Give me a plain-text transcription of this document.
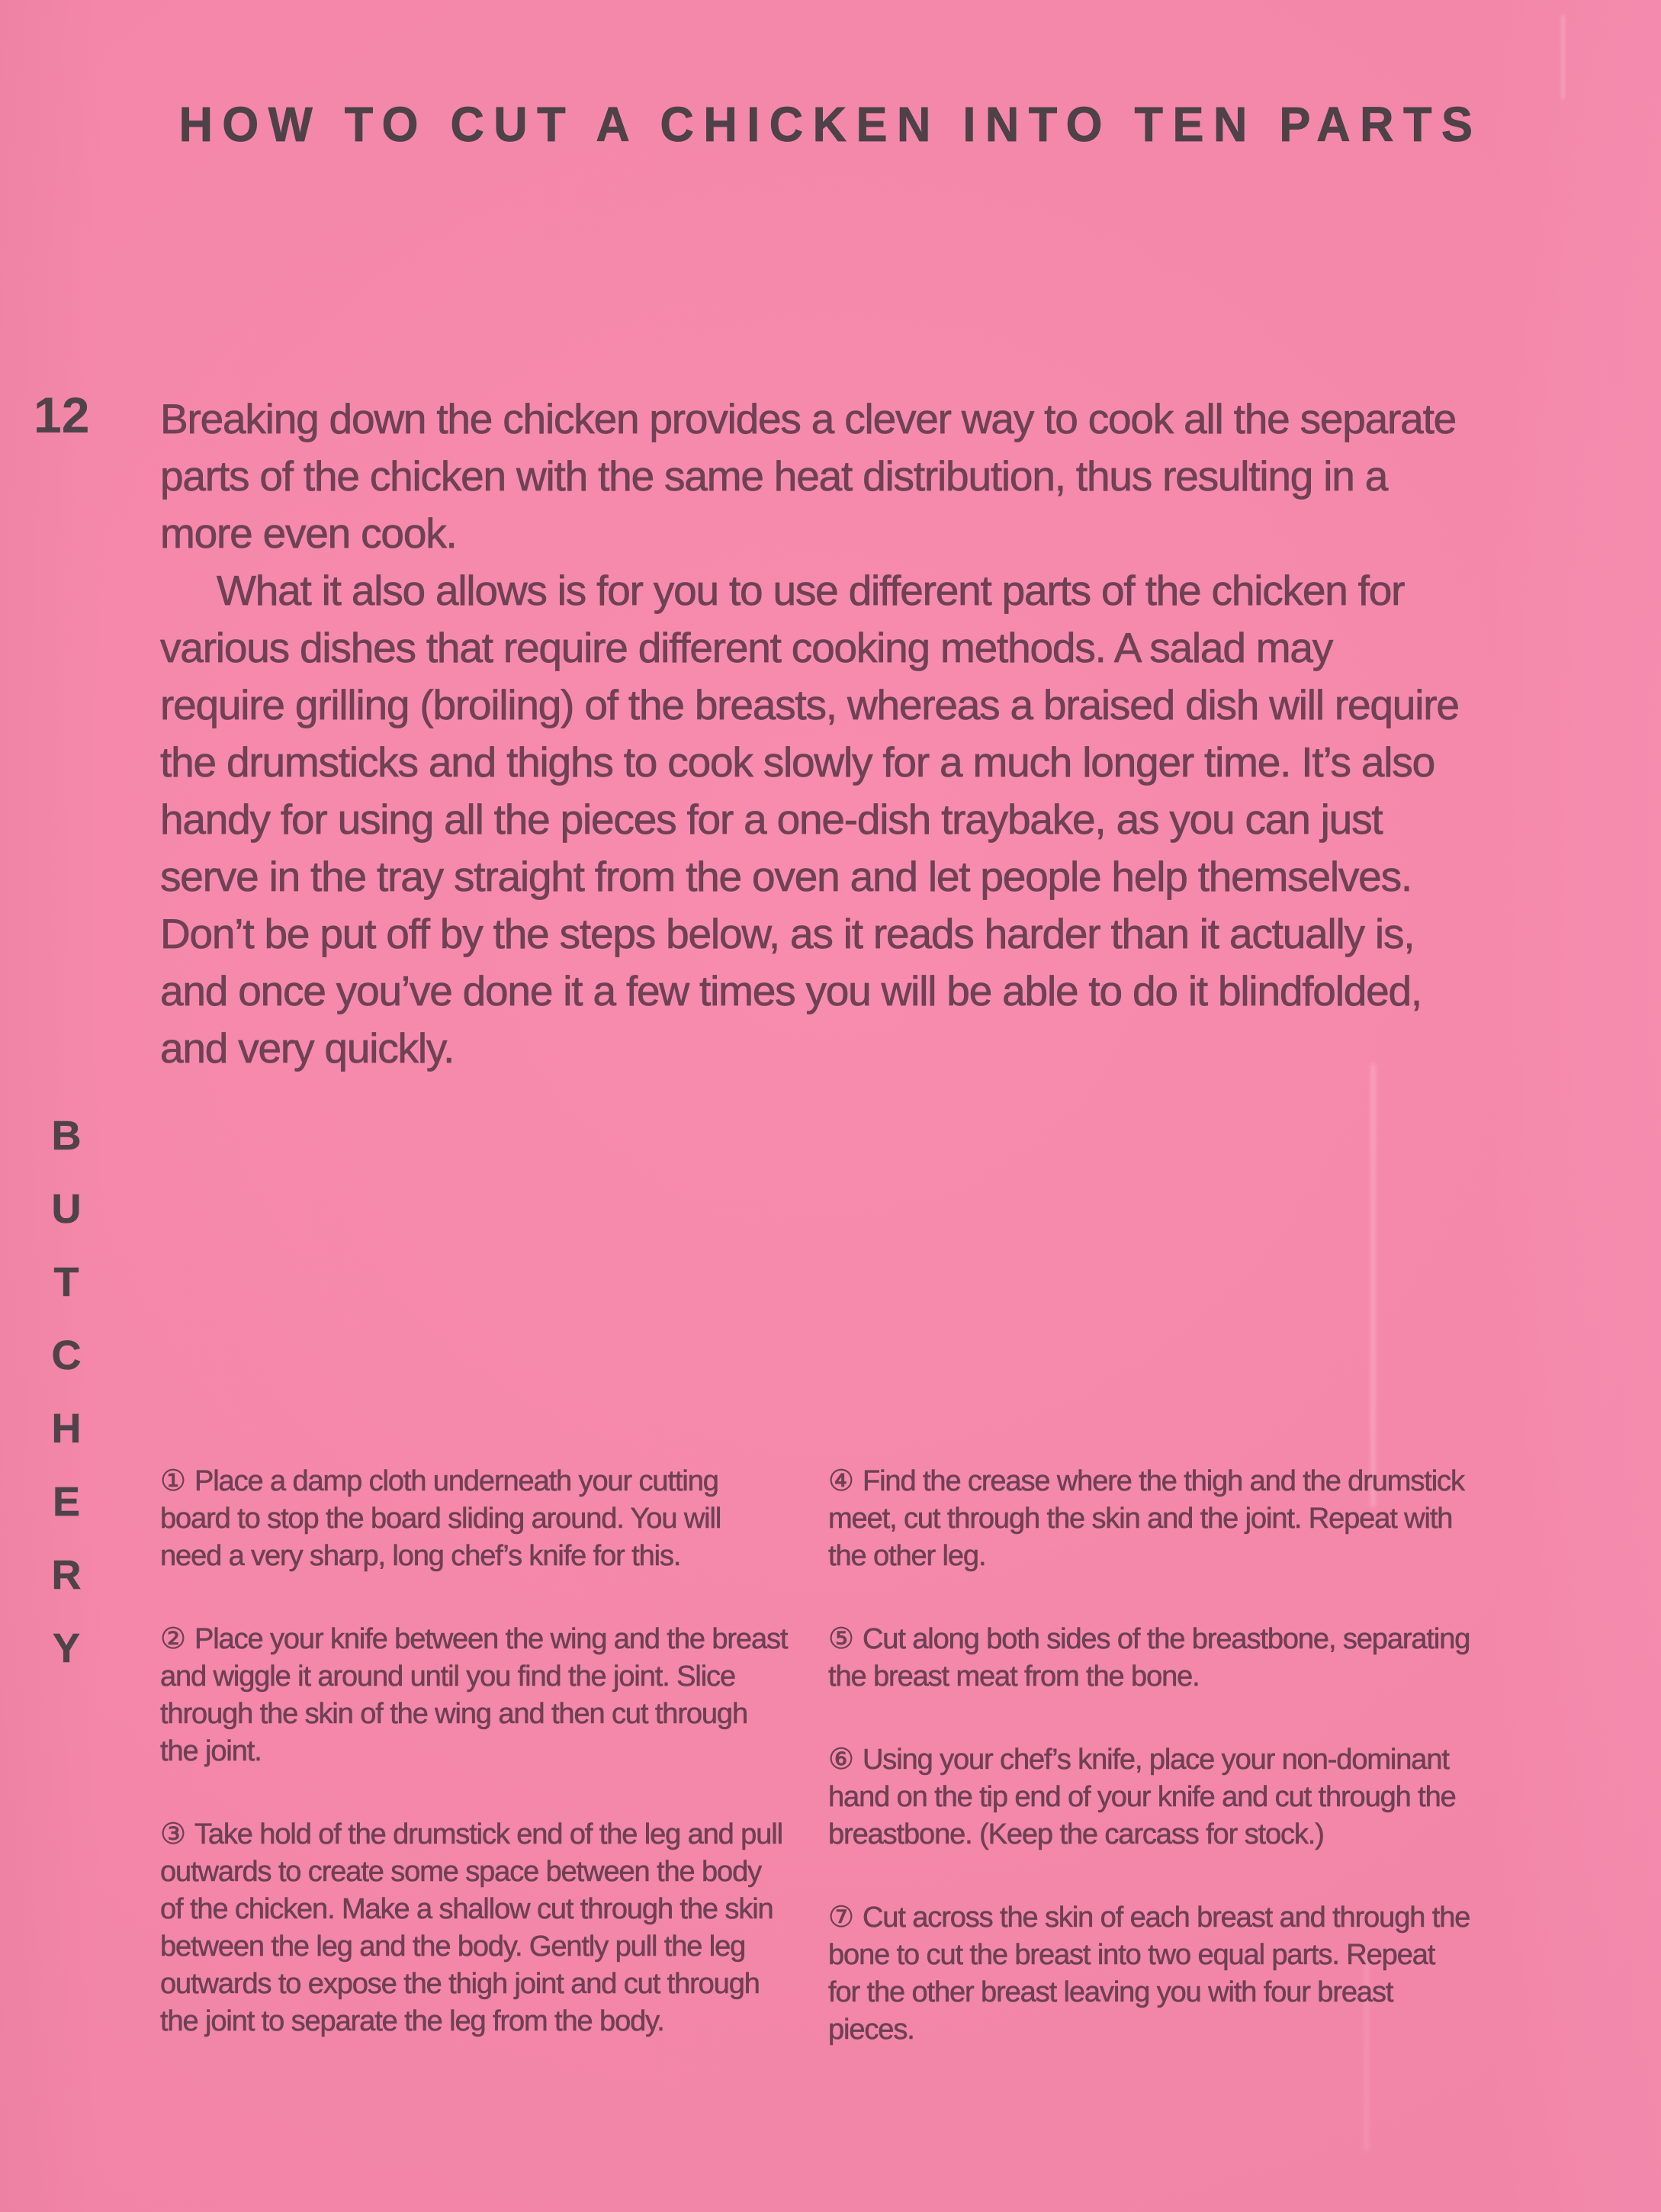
HOW TO CUT A CHICKEN INTO TEN PARTS
12 Breaking down the chicken provides a clever way to cook all the separate parts of the chicken with the same heat distribution, thus resulting in a more even cook.

What it also allows is for you to use different parts of the chicken for various dishes that require different cooking methods. A salad may require grilling (broiling) of the breasts, whereas a braised dish will require the drumsticks and thighs to cook slowly for a much longer time. It’s also handy for using all the pieces for a one-dish traybake, as you can just serve in the tray straight from the oven and let people help themselves. Don’t be put off by the steps below, as it reads harder than it actually is, and once you’ve done it a few times you will be able to do it blindfolded, and very quickly.

B
U
T
C
H
E
R
Y

① Place a damp cloth underneath your cutting board to stop the board sliding around. You will need a very sharp, long chef’s knife for this.

② Place your knife between the wing and the breast and wiggle it around until you find the joint. Slice through the skin of the wing and then cut through the joint.

③ Take hold of the drumstick end of the leg and pull outwards to create some space between the body of the chicken. Make a shallow cut through the skin between the leg and the body. Gently pull the leg outwards to expose the thigh joint and cut through the joint to separate the leg from the body.

④ Find the crease where the thigh and the drumstick meet, cut through the skin and the joint. Repeat with the other leg.

⑤ Cut along both sides of the breastbone, separating the breast meat from the bone.

⑥ Using your chef’s knife, place your non-dominant hand on the tip end of your knife and cut through the breastbone. (Keep the carcass for stock.)

⑦ Cut across the skin of each breast and through the bone to cut the breast into two equal parts. Repeat for the other breast leaving you with four breast pieces.
